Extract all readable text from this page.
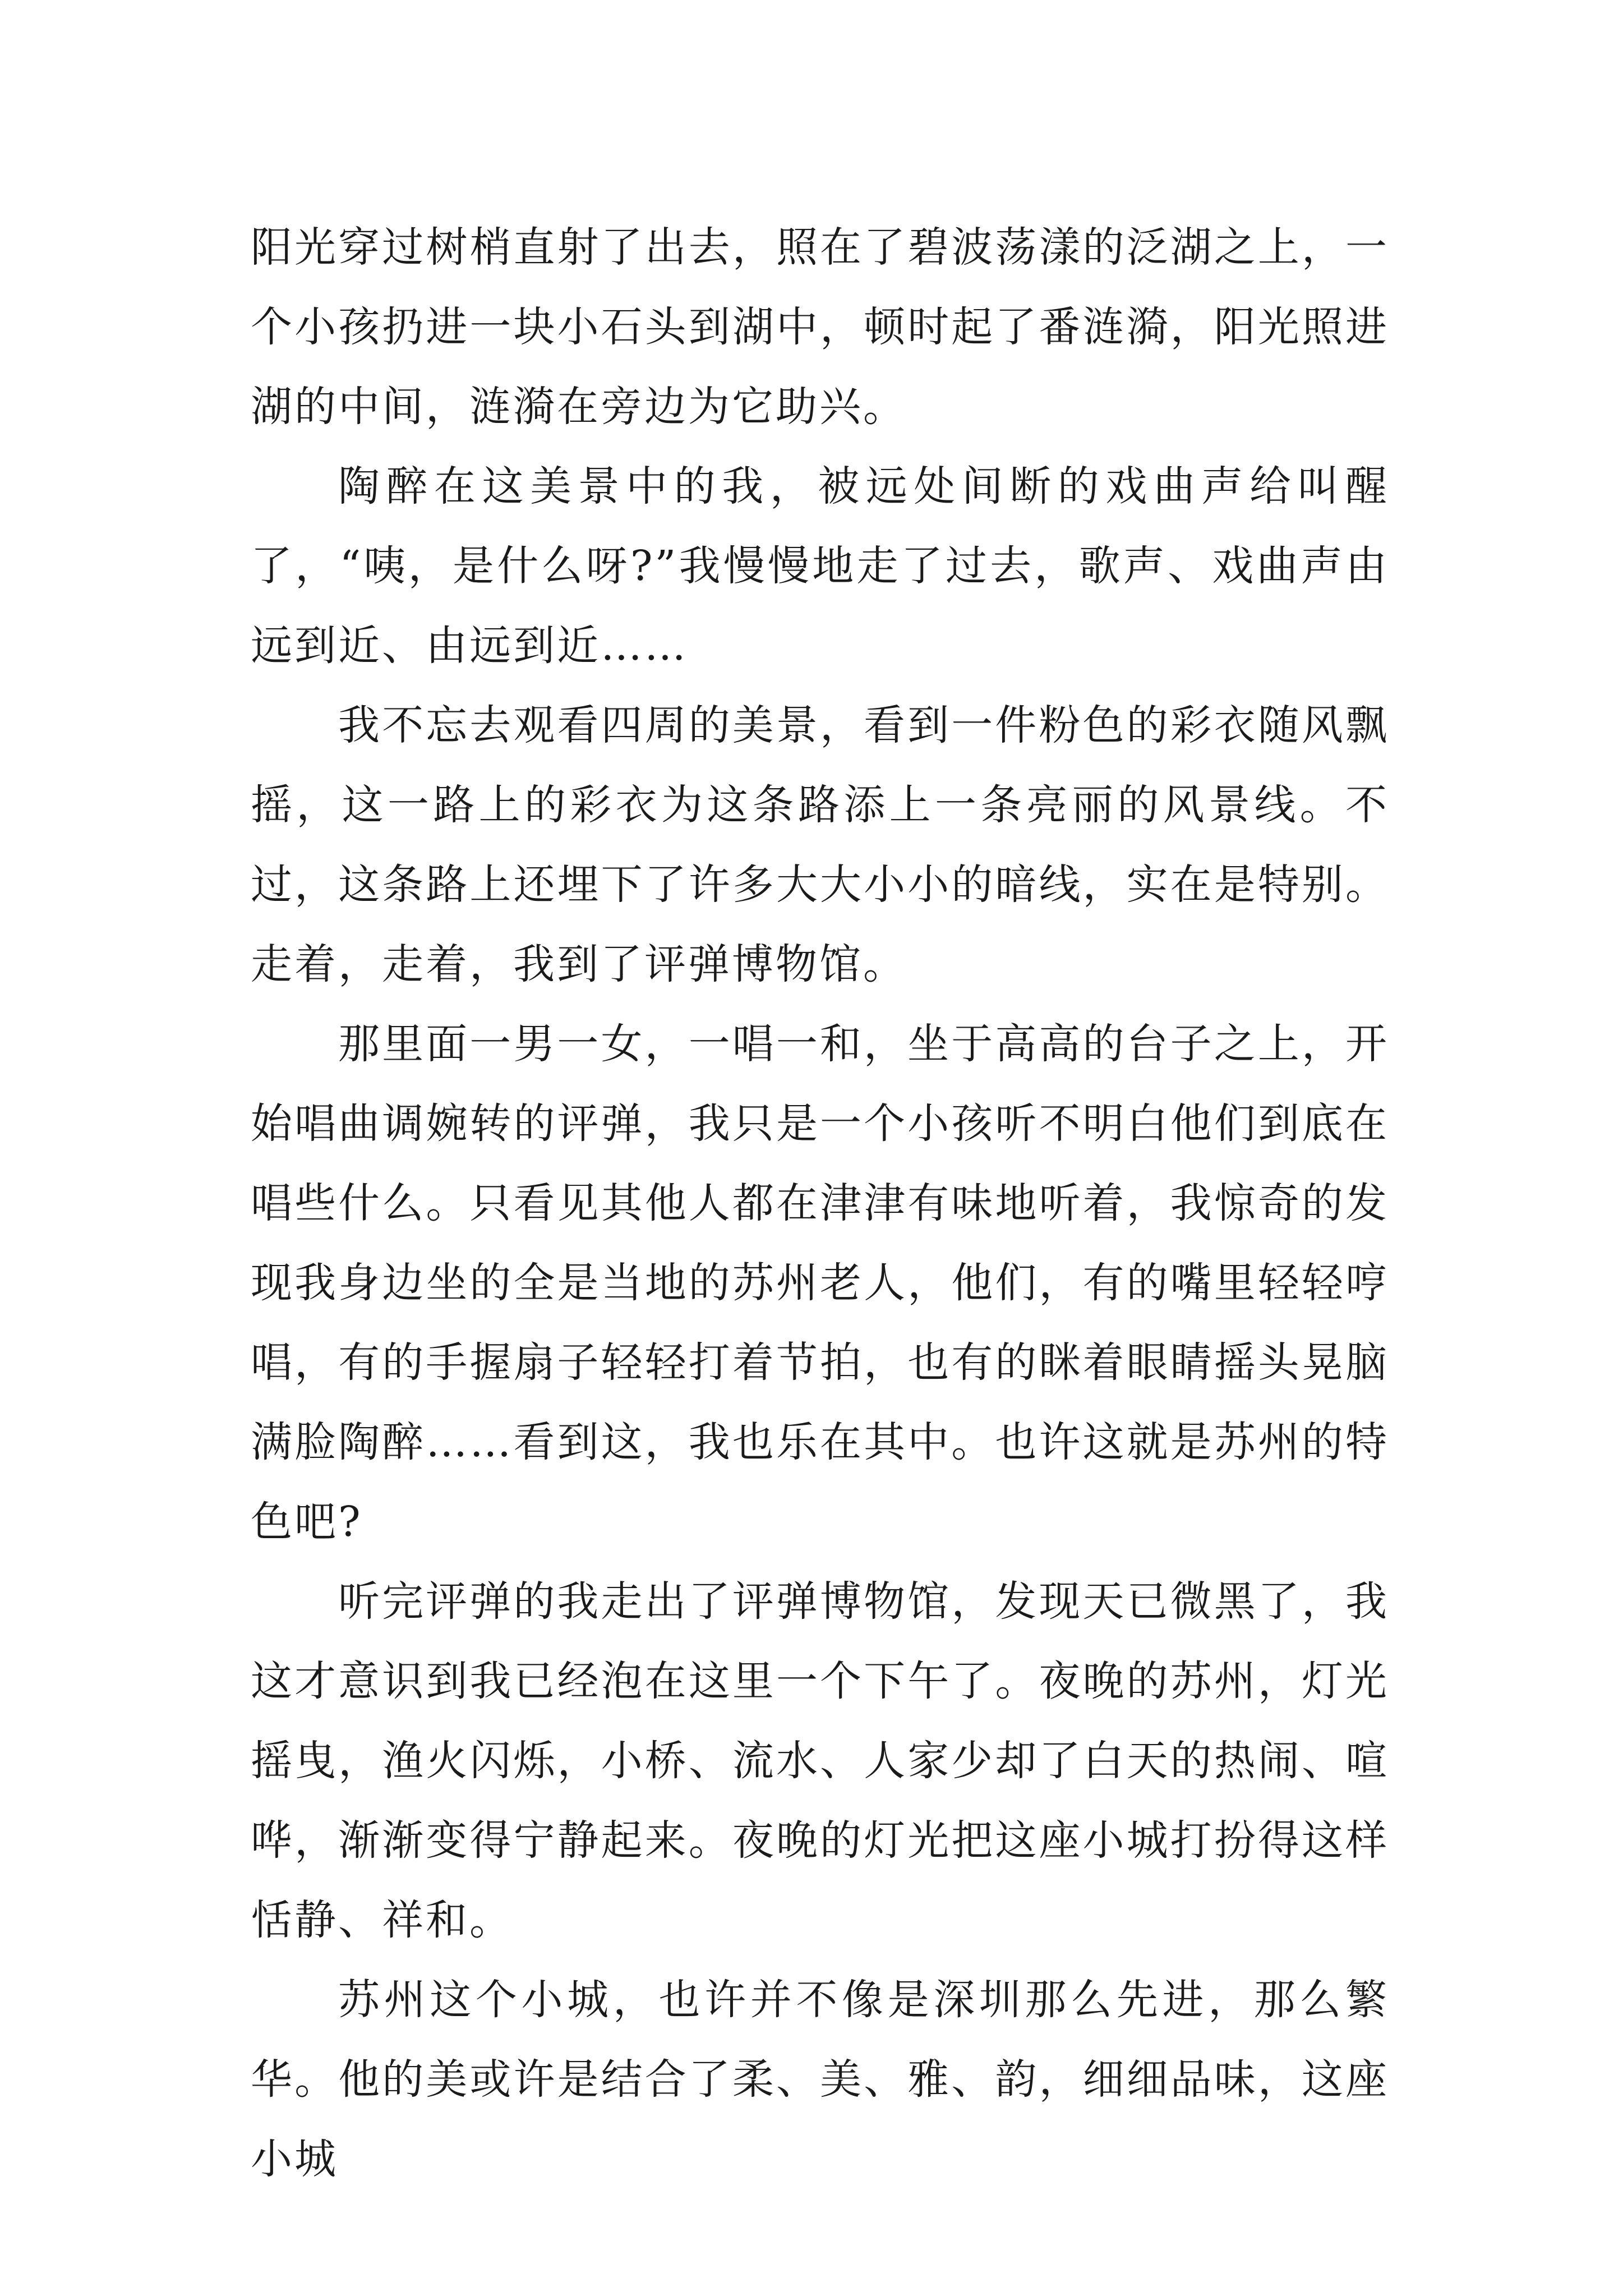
阳光穿过树梢直射了出去，照在了碧波荡漾的泛湖之上，一个小孩扔进一块小石头到湖中，顿时起了番涟漪，阳光照进湖的中间，涟漪在旁边为它助兴。

陶醉在这美景中的我，被远处间断的戏曲声给叫醒了，“咦，是什么呀?”我慢慢地走了过去，歌声、戏曲声由远到近、由远到近……

我不忘去观看四周的美景，看到一件粉色的彩衣随风飘摇，这一路上的彩衣为这条路添上一条亮丽的风景线。不过，这条路上还埋下了许多大大小小的暗线，实在是特别。走着，走着，我到了评弹博物馆。

那里面一男一女，一唱一和，坐于高高的台子之上，开始唱曲调婉转的评弹，我只是一个小孩听不明白他们到底在唱些什么。只看见其他人都在津津有味地听着，我惊奇的发现我身边坐的全是当地的苏州老人，他们，有的嘴里轻轻哼唱，有的手握扇子轻轻打着节拍，也有的眯着眼睛摇头晃脑满脸陶醉……看到这，我也乐在其中。也许这就是苏州的特色吧?

听完评弹的我走出了评弹博物馆，发现天已微黑了，我这才意识到我已经泡在这里一个下午了。夜晚的苏州，灯光摇曳，渔火闪烁，小桥、流水、人家少却了白天的热闹、喧哗，渐渐变得宁静起来。夜晚的灯光把这座小城打扮得这样恬静、祥和。

苏州这个小城，也许并不像是深圳那么先进，那么繁华。他的美或许是结合了柔、美、雅、韵，细细品味，这座小城
